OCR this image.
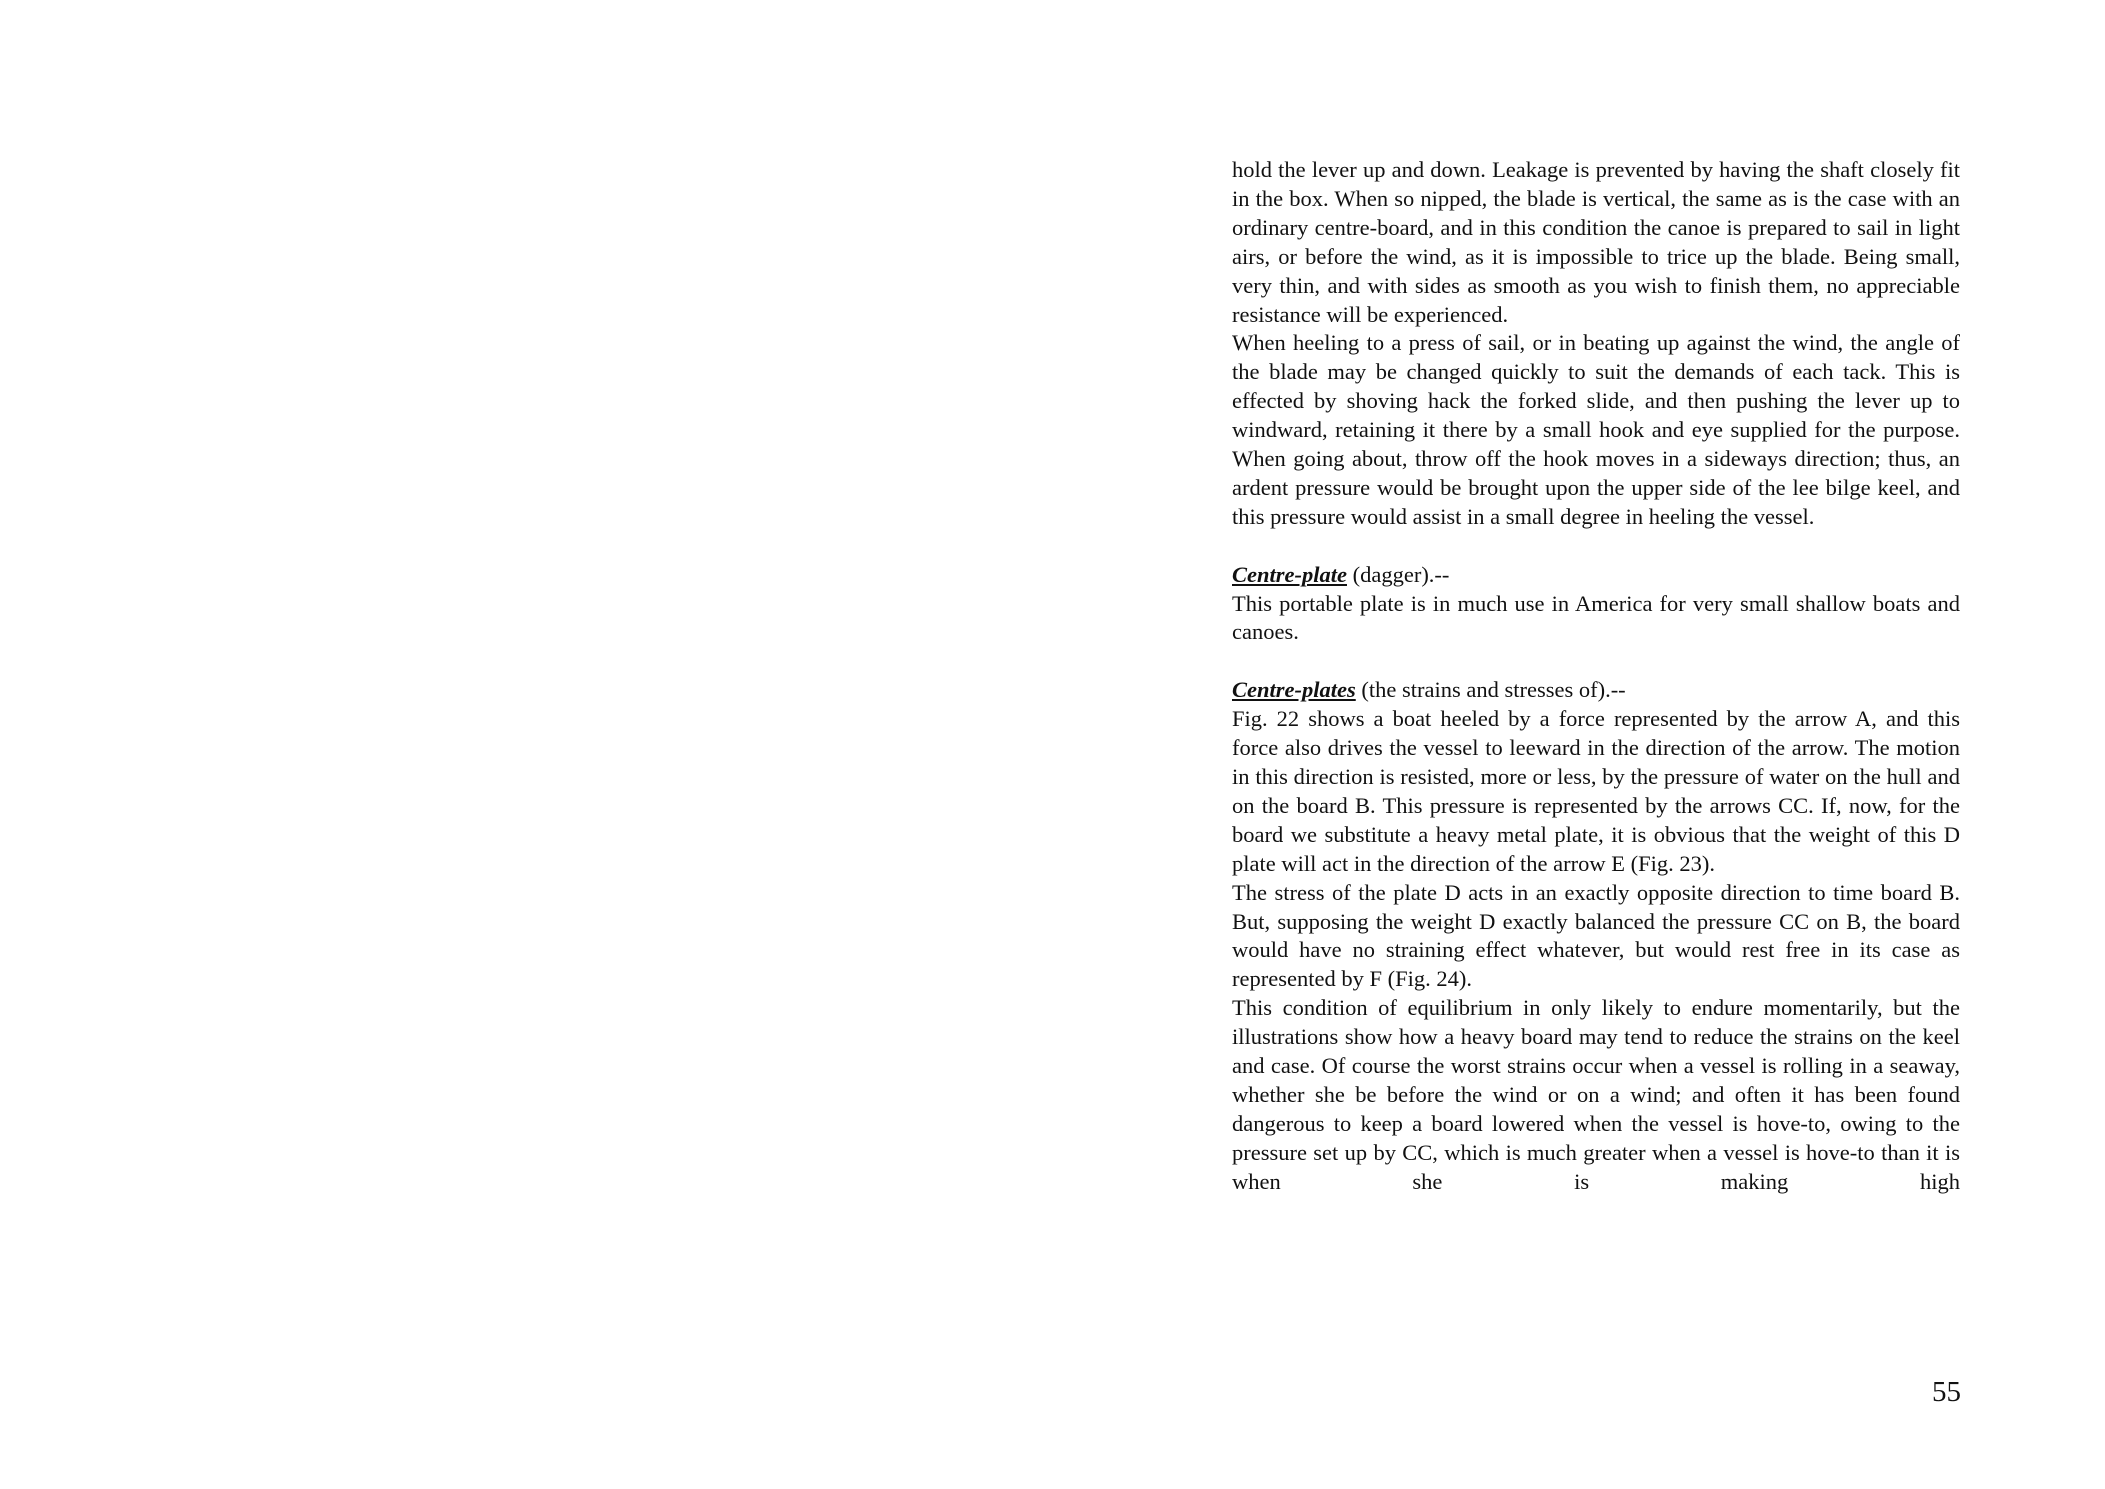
hold the lever up and down. Leakage is prevented by having the shaft closely fit in the box. When so nipped, the blade is vertical, the same as is the case with an ordinary centre-board, and in this condition the canoe is prepared to sail in light airs, or before the wind, as it is impossible to trice up the blade. Being small, very thin, and with sides as smooth as you wish to finish them, no appreciable resistance will be experienced.

When heeling to a press of sail, or in beating up against the wind, the angle of the blade may be changed quickly to suit the demands of each tack. This is effected by shoving hack the forked slide, and then pushing the lever up to windward, retaining it there by a small hook and eye supplied for the purpose. When going about, throw off the hook moves in a sideways direction; thus, an ardent pressure would be brought upon the upper side of the lee bilge keel, and this pressure would assist in a small degree in heeling the vessel.

Centre-plate (dagger).--

This portable plate is in much use in America for very small shallow boats and canoes.

Centre-plates (the strains and stresses of).--

Fig. 22 shows a boat heeled by a force represented by the arrow A, and this force also drives the vessel to leeward in the direction of the arrow. The motion in this direction is resisted, more or less, by the pressure of water on the hull and on the board B. This pressure is represented by the arrows CC. If, now, for the board we substitute a heavy metal plate, it is obvious that the weight of this D plate will act in the direction of the arrow E (Fig. 23).

The stress of the plate D acts in an exactly opposite direction to time board B. But, supposing the weight D exactly balanced the pressure CC on B, the board would have no straining effect whatever, but would rest free in its case as represented by F (Fig. 24).

This condition of equilibrium in only likely to endure momentarily, but the illustrations show how a heavy board may tend to reduce the strains on the keel and case. Of course the worst strains occur when a vessel is rolling in a seaway, whether she be before the wind or on a wind; and often it has been found dangerous to keep a board lowered when the vessel is hove-to, owing to the pressure set up by CC, which is much greater when a vessel is hove-to than it is when she is making high

55
